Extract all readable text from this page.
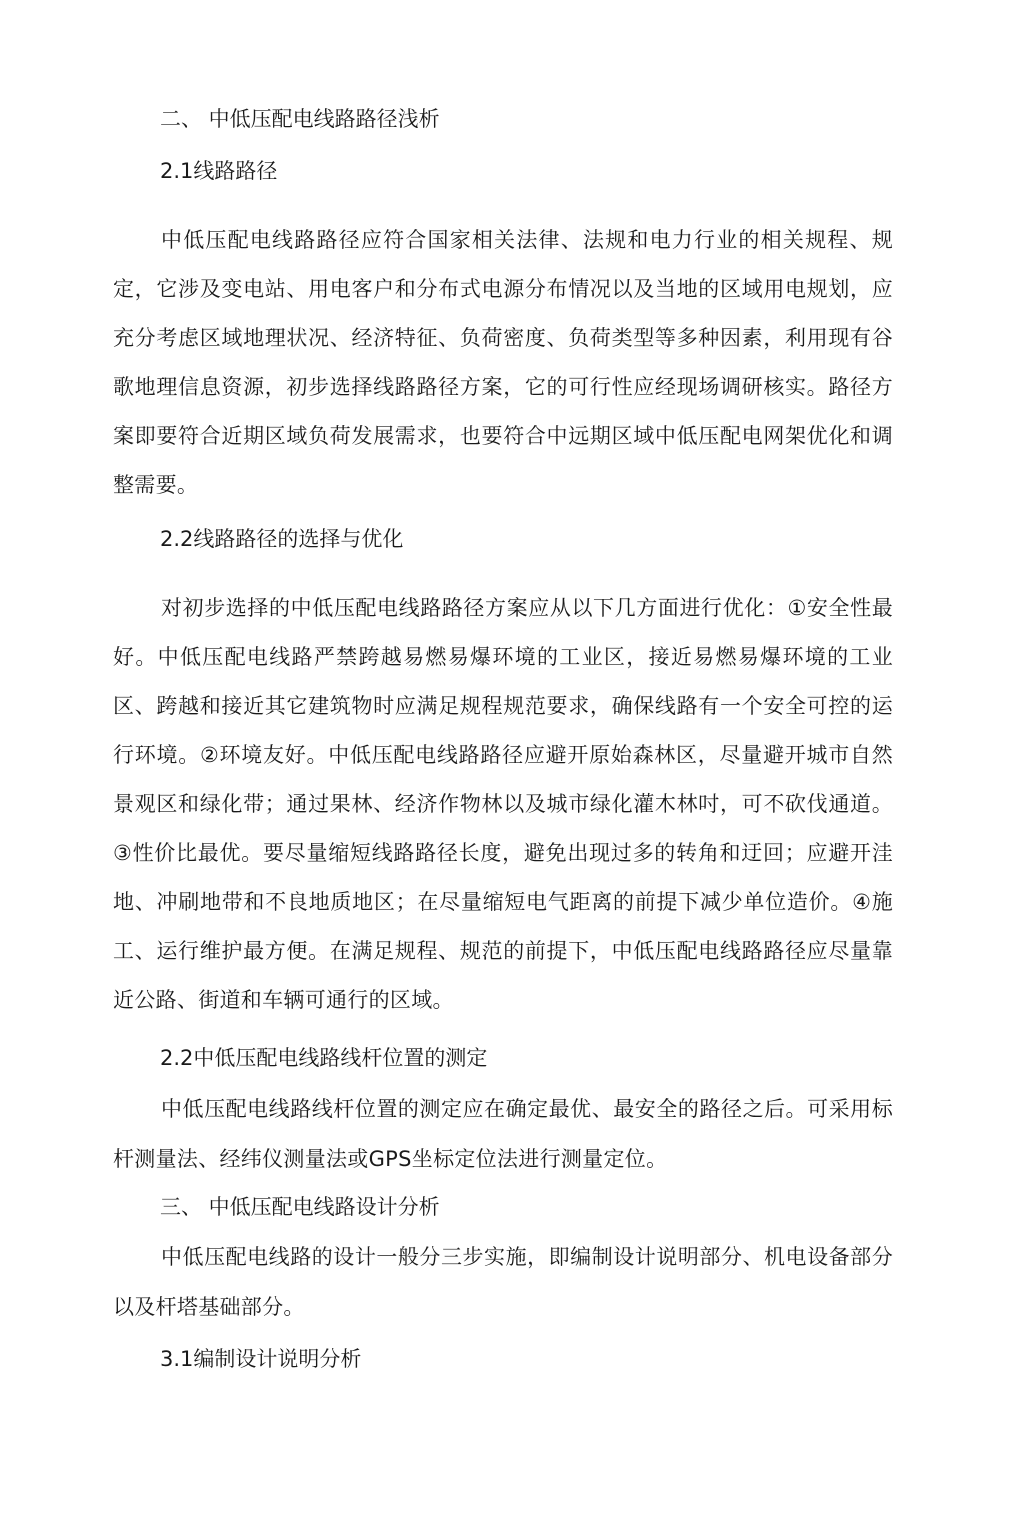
二、 中低压配电线路路径浅析
2.1线路路径

中低压配电线路路径应符合国家相关法律、法规和电力行业的相关规程、规定，它涉及变电站、用电客户和分布式电源分布情况以及当地的区域用电规划，应充分考虑区域地理状况、经济特征、负荷密度、负荷类型等多种因素，利用现有谷歌地理信息资源，初步选择线路路径方案，它的可行性应经现场调研核实。路径方案即要符合近期区域负荷发展需求，也要符合中远期区域中低压配电网架优化和调整需要。

2.2线路路径的选择与优化

对初步选择的中低压配电线路路径方案应从以下几方面进行优化：①安全性最好。中低压配电线路严禁跨越易燃易爆环境的工业区，接近易燃易爆环境的工业区、跨越和接近其它建筑物时应满足规程规范要求，确保线路有一个安全可控的运行环境。②环境友好。中低压配电线路路径应避开原始森林区，尽量避开城市自然景观区和绿化带；通过果林、经济作物林以及城市绿化灌木林吋，可不砍伐通道。③性价比最优。要尽量缩短线路路径长度，避免出现过多的转角和迂回；应避开洼地、冲刷地带和不良地质地区；在尽量缩短电气距离的前提下减少单位造价。④施工、运行维护最方便。在满足规程、规范的前提下，中低压配电线路路径应尽量靠近公路、街道和车辆可通行的区域。

2.2中低压配电线路线杆位置的测定

中低压配电线路线杆位置的测定应在确定最优、最安全的路径之后。可采用标杆测量法、经纬仪测量法或GPS坐标定位法进行测量定位。

三、 中低压配电线路设计分析

中低压配电线路的设计一般分三步实施，即编制设计说明部分、机电设备部分以及杆塔基础部分。

3.1编制设计说明分析
